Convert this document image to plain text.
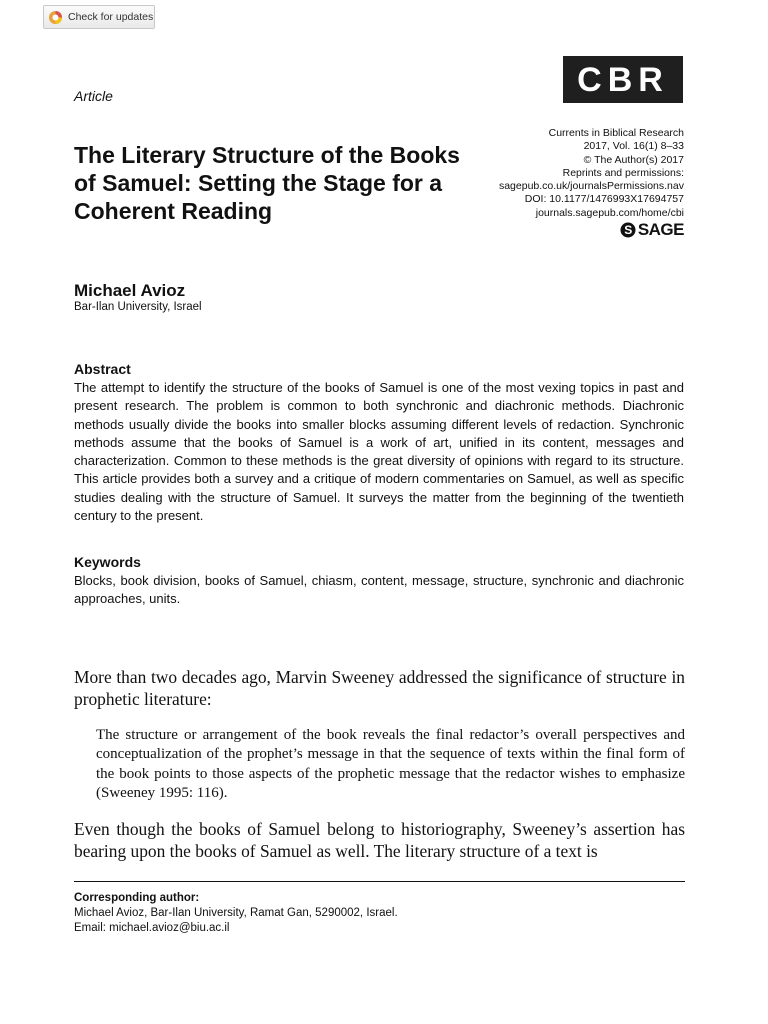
Check for updates
Article	CBR
Currents in Biblical Research
2017, Vol. 16(1) 8–33
© The Author(s) 2017
Reprints and permissions:
sagepub.co.uk/journalsPermissions.nav
DOI: 10.1177/1476993X17694757
journals.sagepub.com/home/cbi
S SAGE
The Literary Structure of the Books of Samuel: Setting the Stage for a Coherent Reading
Michael Avioz
Bar-Ilan University, Israel
Abstract

The attempt to identify the structure of the books of Samuel is one of the most vexing topics in past and present research. The problem is common to both synchronic and diachronic methods. Diachronic methods usually divide the books into smaller blocks assuming different levels of redaction. Synchronic methods assume that the books of Samuel is a work of art, unified in its content, messages and characterization. Common to these methods is the great diversity of opinions with regard to its structure. This article provides both a survey and a critique of modern commentaries on Samuel, as well as specific studies dealing with the structure of Samuel. It surveys the matter from the beginning of the twentieth century to the present.

Keywords

Blocks, book division, books of Samuel, chiasm, content, message, structure, synchronic and diachronic approaches, units.

More than two decades ago, Marvin Sweeney addressed the significance of structure in prophetic literature:

The structure or arrangement of the book reveals the final redactor’s overall perspectives and conceptualization of the prophet’s message in that the sequence of texts within the final form of the book points to those aspects of the prophetic message that the redactor wishes to emphasize (Sweeney 1995: 116).

Even though the books of Samuel belong to historiography, Sweeney’s assertion has bearing upon the books of Samuel as well. The literary structure of a text is

Corresponding author:
Michael Avioz, Bar-Ilan University, Ramat Gan, 5290002, Israel.
Email: michael.avioz@biu.ac.il
